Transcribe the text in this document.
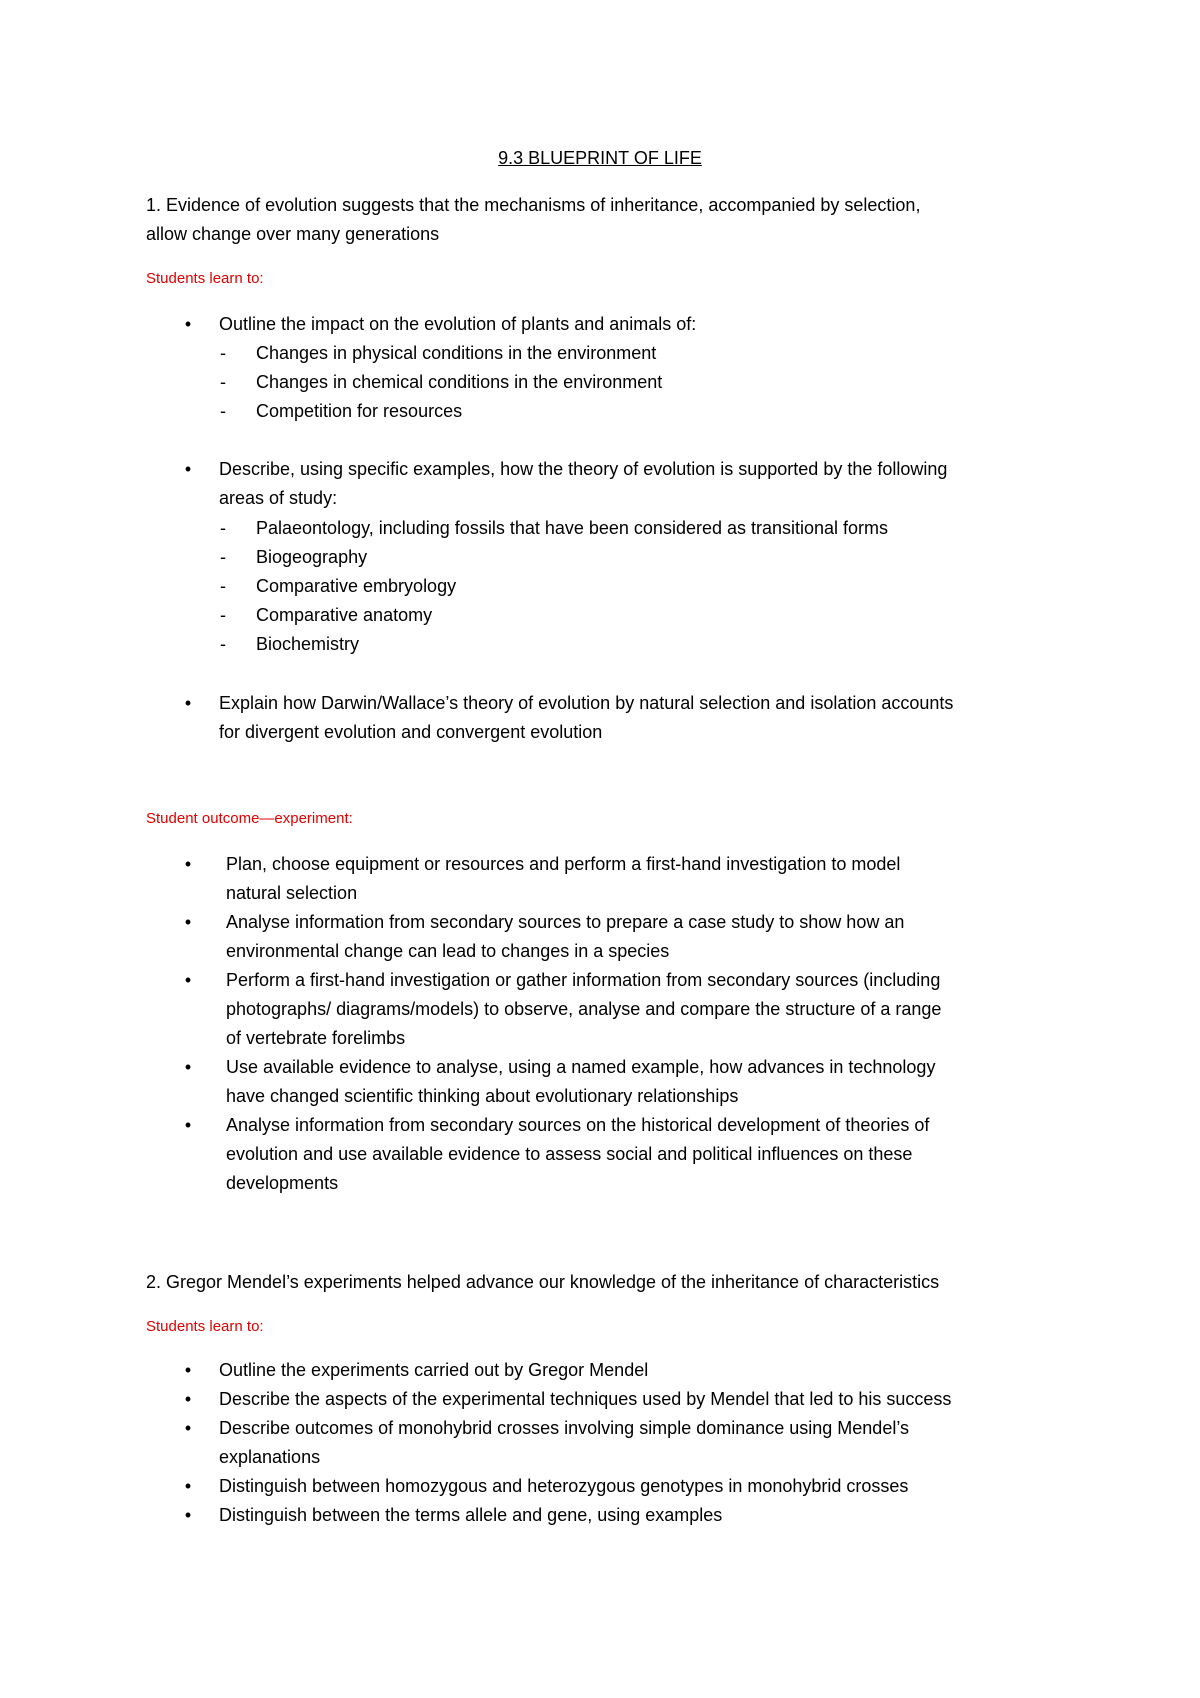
9.3 BLUEPRINT OF LIFE
1. Evidence of evolution suggests that the mechanisms of inheritance, accompanied by selection,
allow change over many generations
Students learn to:
• Outline the impact on the evolution of plants and animals of:
- Changes in physical conditions in the environment
- Changes in chemical conditions in the environment
- Competition for resources
• Describe, using specific examples, how the theory of evolution is supported by the following
areas of study:
- Palaeontology, including fossils that have been considered as transitional forms
- Biogeography
- Comparative embryology
- Comparative anatomy
- Biochemistry
• Explain how Darwin/Wallace’s theory of evolution by natural selection and isolation accounts
for divergent evolution and convergent evolution
Student outcome—experiment:
• Plan, choose equipment or resources and perform a first-hand investigation to model
natural selection
• Analyse information from secondary sources to prepare a case study to show how an
environmental change can lead to changes in a species
• Perform a first-hand investigation or gather information from secondary sources (including
photographs/ diagrams/models) to observe, analyse and compare the structure of a range
of vertebrate forelimbs
• Use available evidence to analyse, using a named example, how advances in technology
have changed scientific thinking about evolutionary relationships
• Analyse information from secondary sources on the historical development of theories of
evolution and use available evidence to assess social and political influences on these
developments
2. Gregor Mendel’s experiments helped advance our knowledge of the inheritance of characteristics
Students learn to:
• Outline the experiments carried out by Gregor Mendel
• Describe the aspects of the experimental techniques used by Mendel that led to his success
• Describe outcomes of monohybrid crosses involving simple dominance using Mendel’s
explanations
• Distinguish between homozygous and heterozygous genotypes in monohybrid crosses
• Distinguish between the terms allele and gene, using examples
